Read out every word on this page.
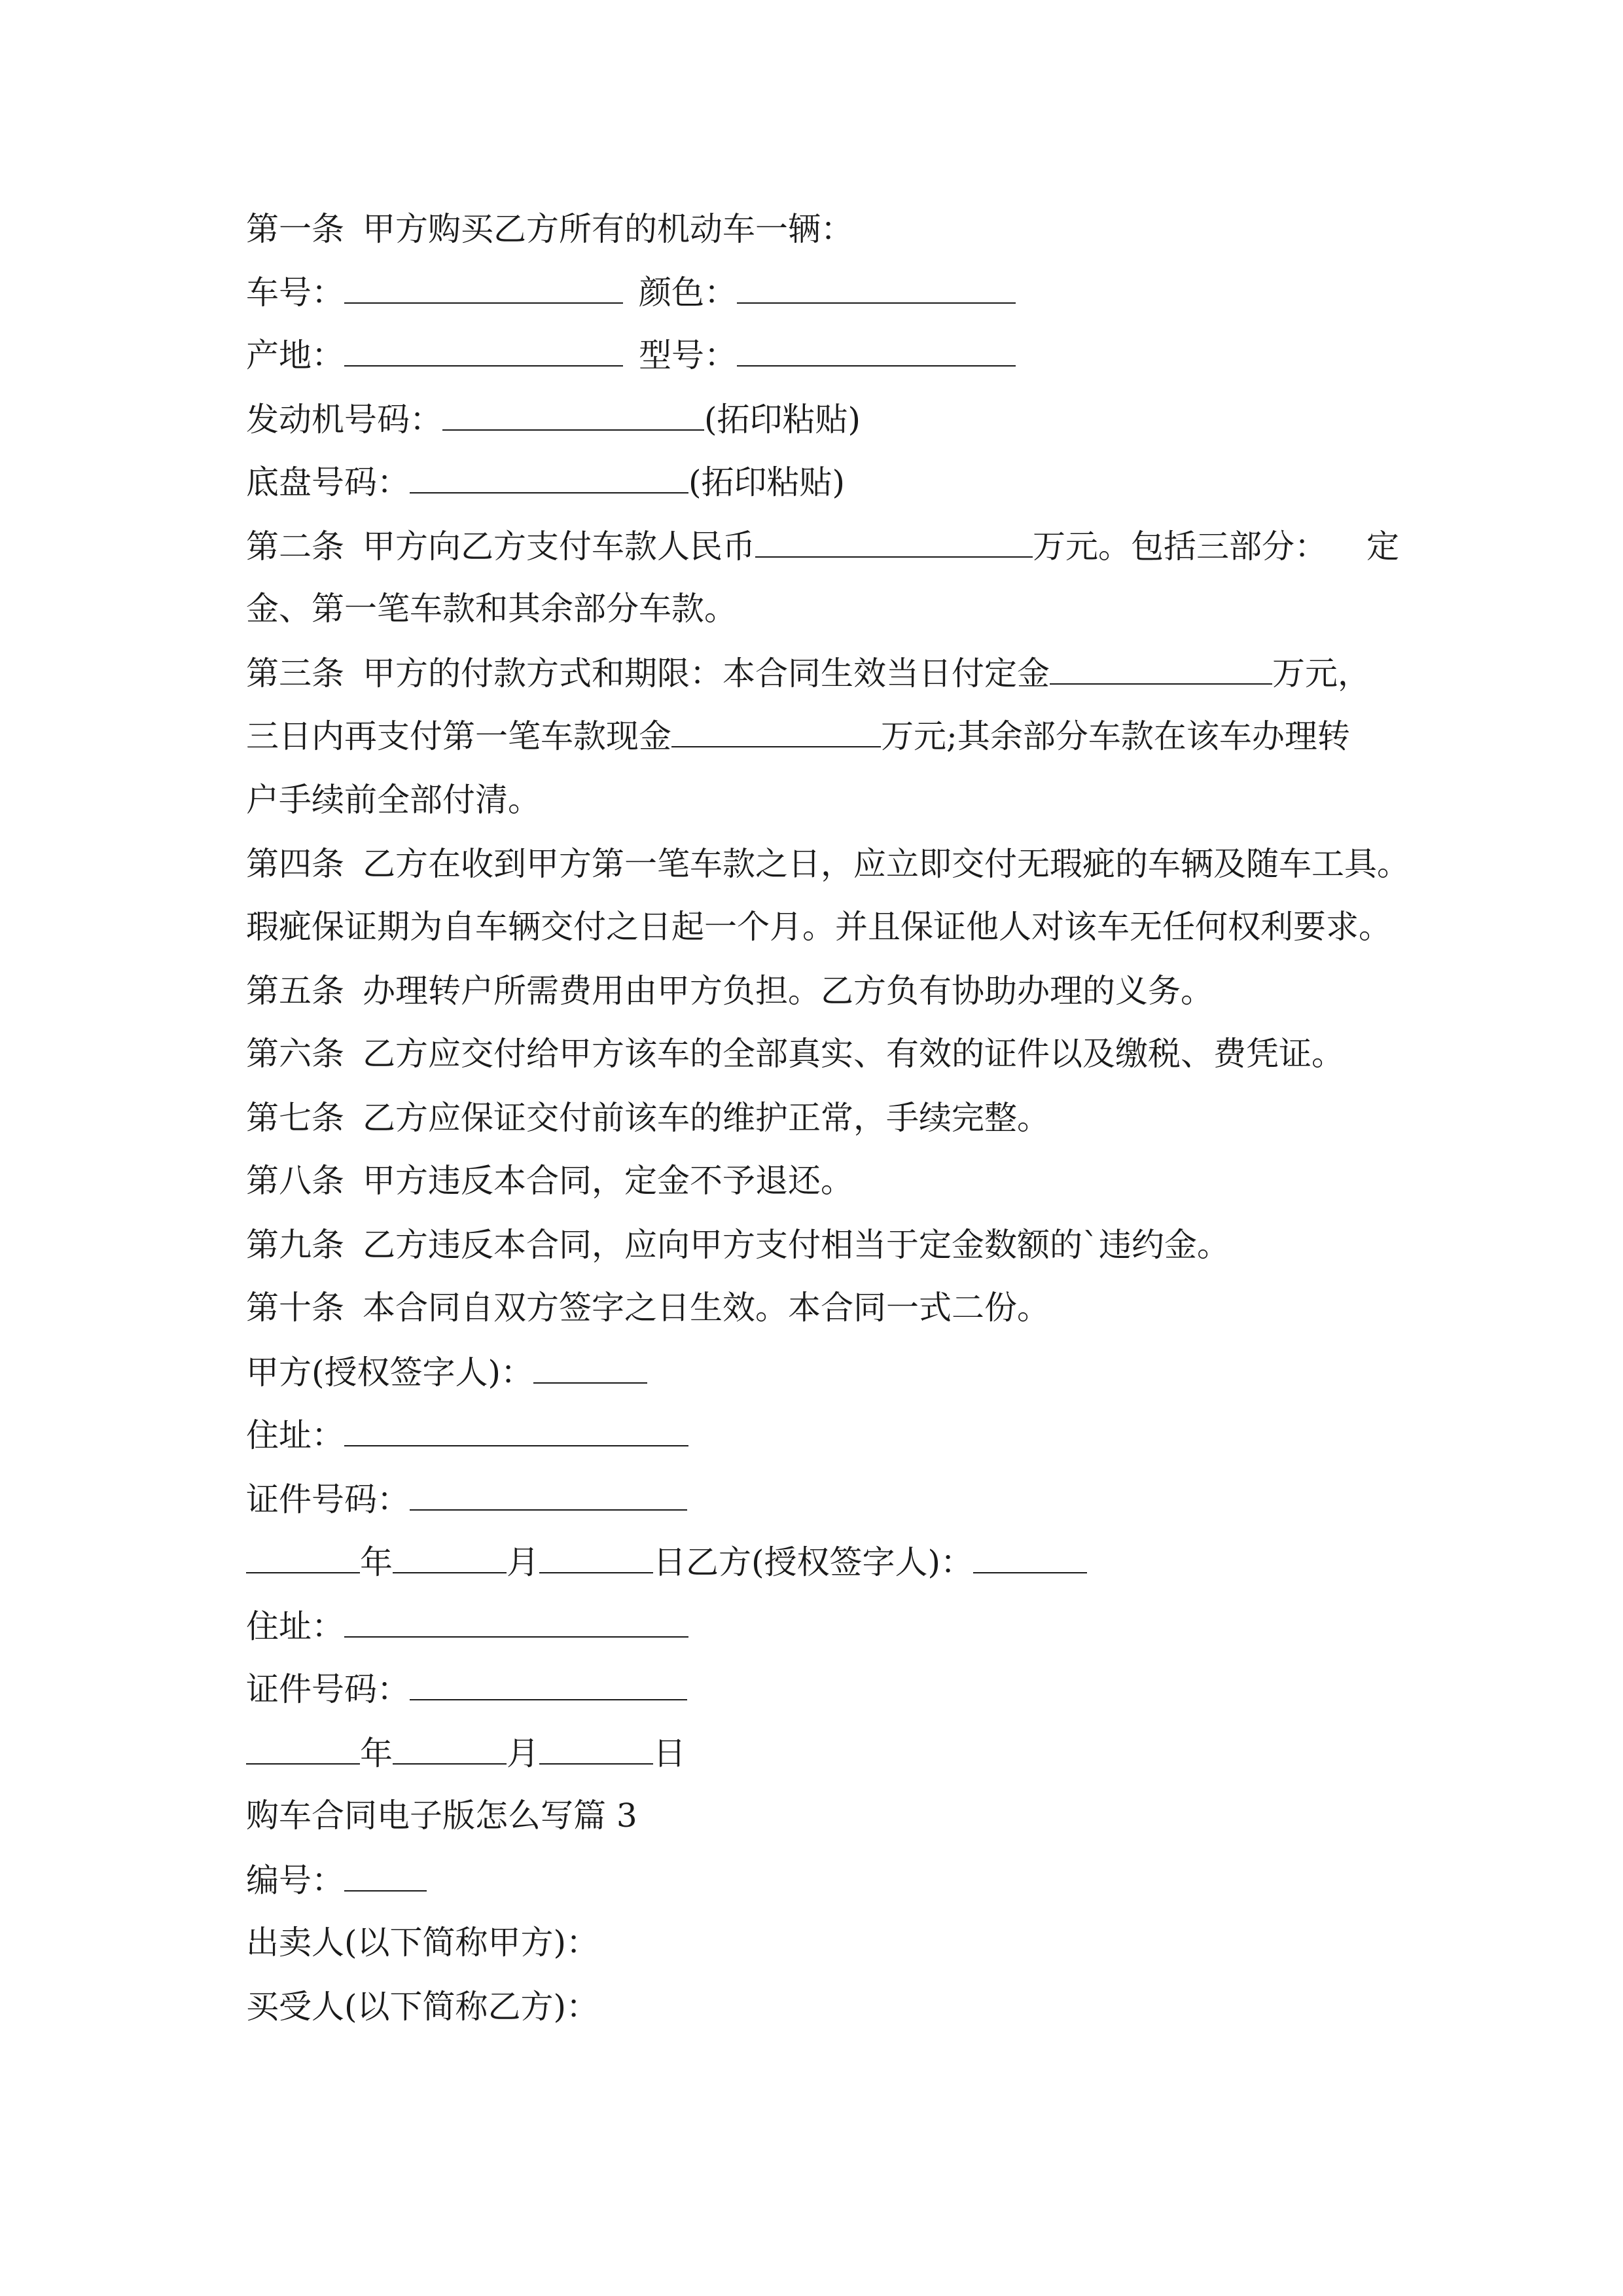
第一条 甲方购买乙方所有的机动车一辆：
车号：	颜色：
产地：	型号：
发动机号码：	(拓印粘贴)
底盘号码：	(拓印粘贴)
第二条 甲方向乙方支付车款人民币	万元。包括三部分： 定
金、第一笔车款和其余部分车款。
第三条 甲方的付款方式和期限：本合同生效当日付定金	万元，
三日内再支付第一笔车款现金	万元;其余部分车款在该车办理转
户手续前全部付清。
第四条 乙方在收到甲方第一笔车款之日，应立即交付无瑕疵的车辆及随车工具。
瑕疵保证期为自车辆交付之日起一个月。并且保证他人对该车无任何权利要求。
第五条 办理转户所需费用由甲方负担。乙方负有协助办理的义务。
第六条 乙方应交付给甲方该车的全部真实、有效的证件以及缴税、费凭证。
第七条 乙方应保证交付前该车的维护正常，手续完整。
第八条 甲方违反本合同，定金不予退还。
第九条 乙方违反本合同，应向甲方支付相当于定金数额的`违约金。
第十条 本合同自双方签字之日生效。本合同一式二份。
甲方(授权签字人)：
住址：
证件号码：
年	月	日乙方(授权签字人)：
住址：
证件号码：
年	月	日
购车合同电子版怎么写篇 3
编号：
出卖人(以下简称甲方)：
买受人(以下简称乙方)：
